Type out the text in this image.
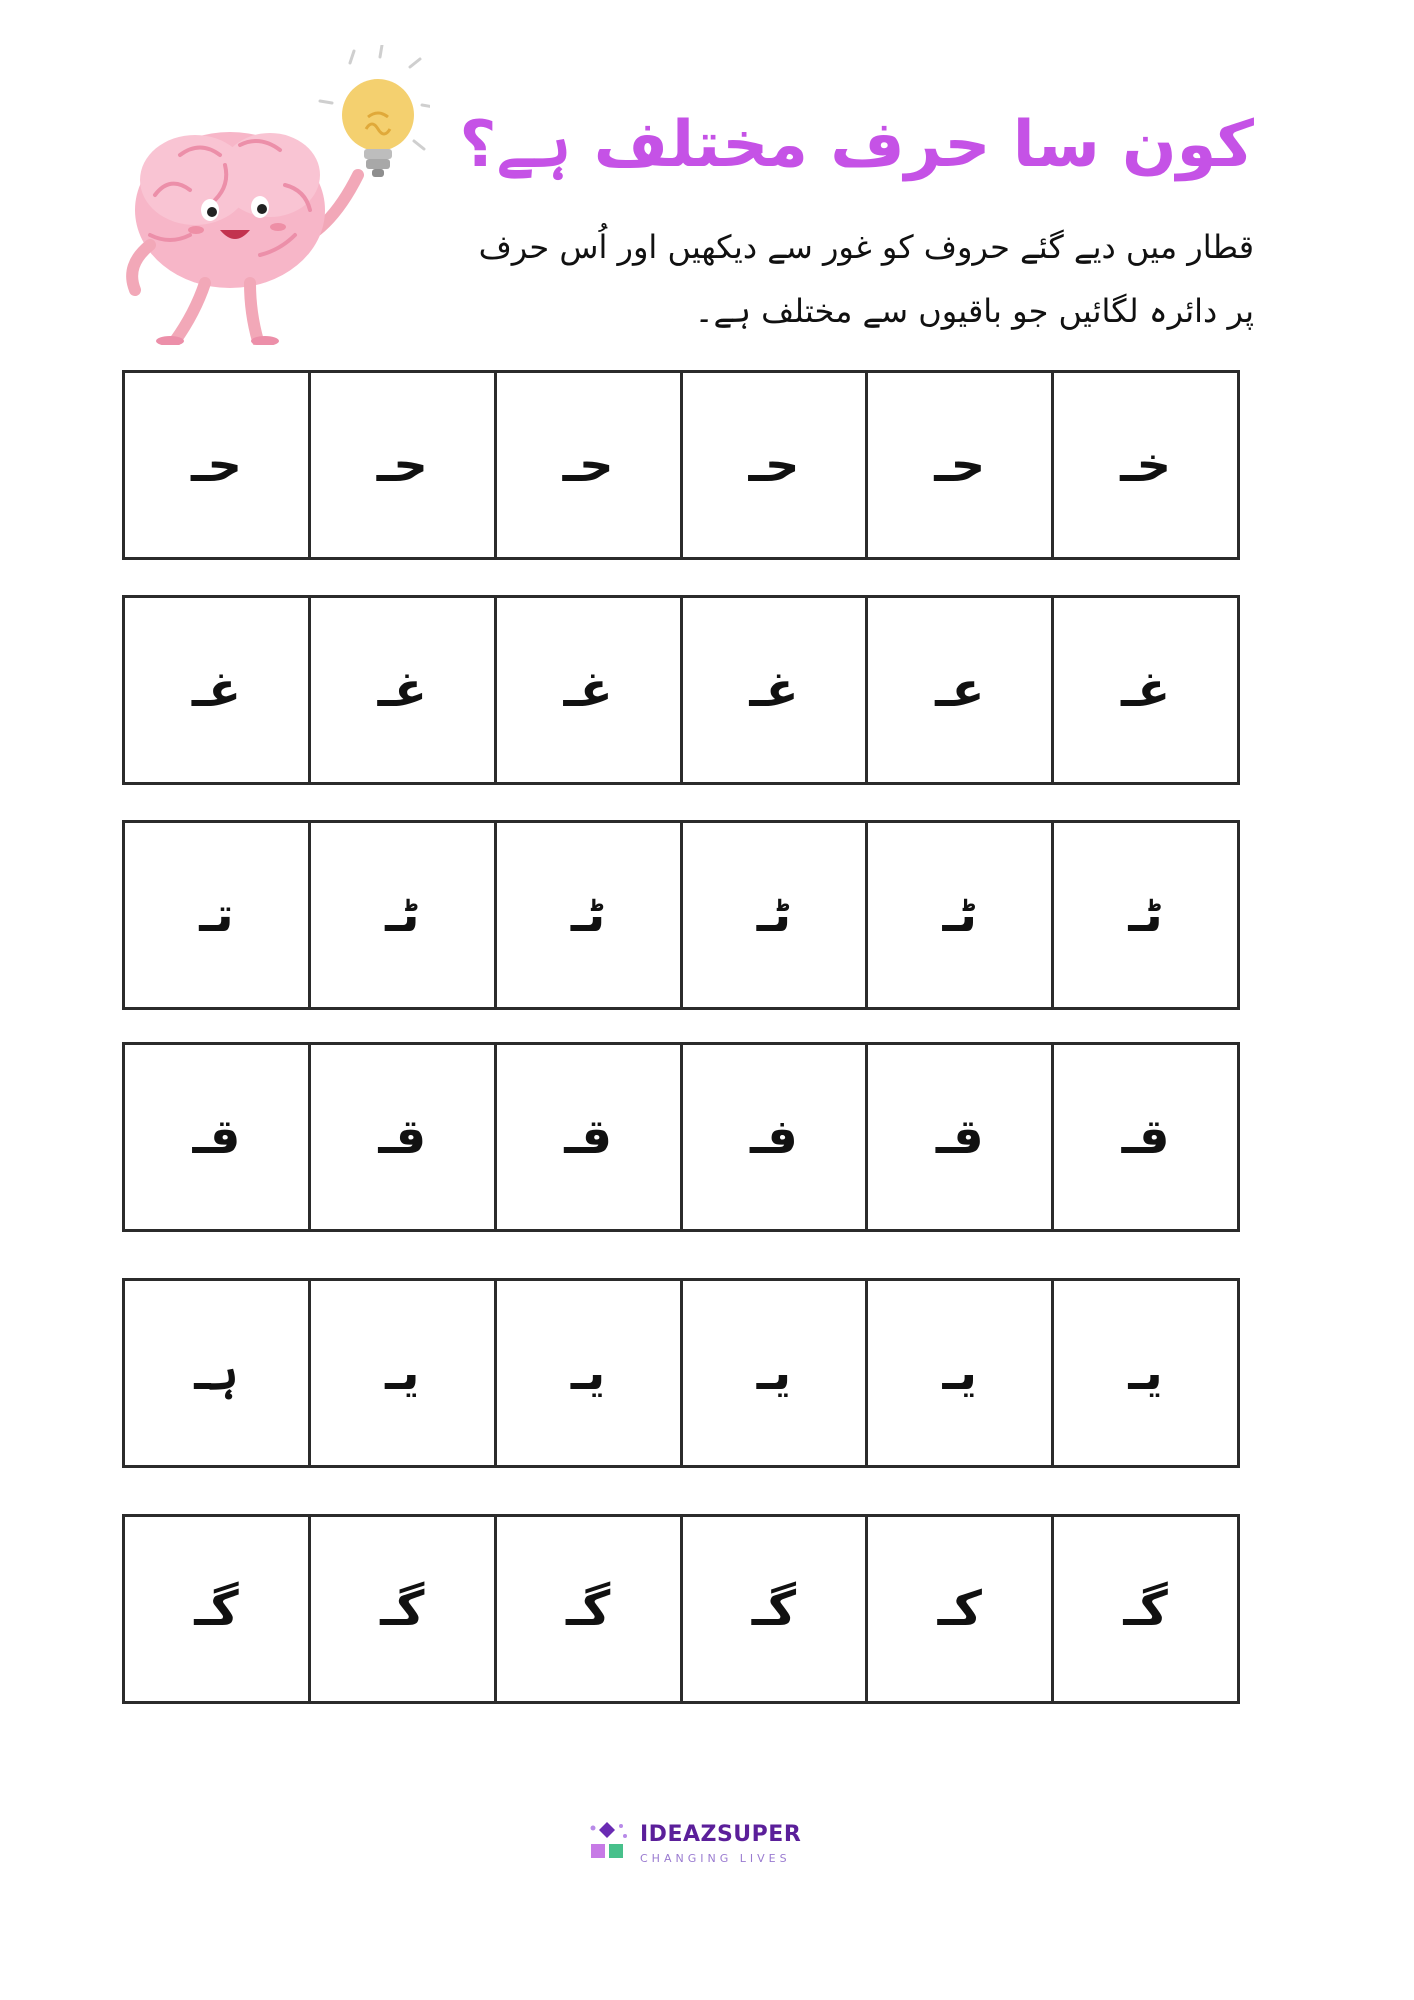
کون سا حرف مختلف ہے؟
قطار میں دیے گئے حروف کو غور سے دیکھیں اور اُس حرف
پر دائرہ لگائیں جو باقیوں سے مختلف ہے۔
خـ
حـ
حـ
حـ
حـ
حـ
غـ
عـ
غـ
غـ
غـ
غـ
ٹـ
ٹـ
ٹـ
ٹـ
ٹـ
تـ
قـ
قـ
فـ
قـ
قـ
قـ
یـ
یـ
یـ
یـ
یـ
ہـ
گـ
کـ
گـ
گـ
گـ
گـ
IDEAZSUPER
CHANGING LIVES
